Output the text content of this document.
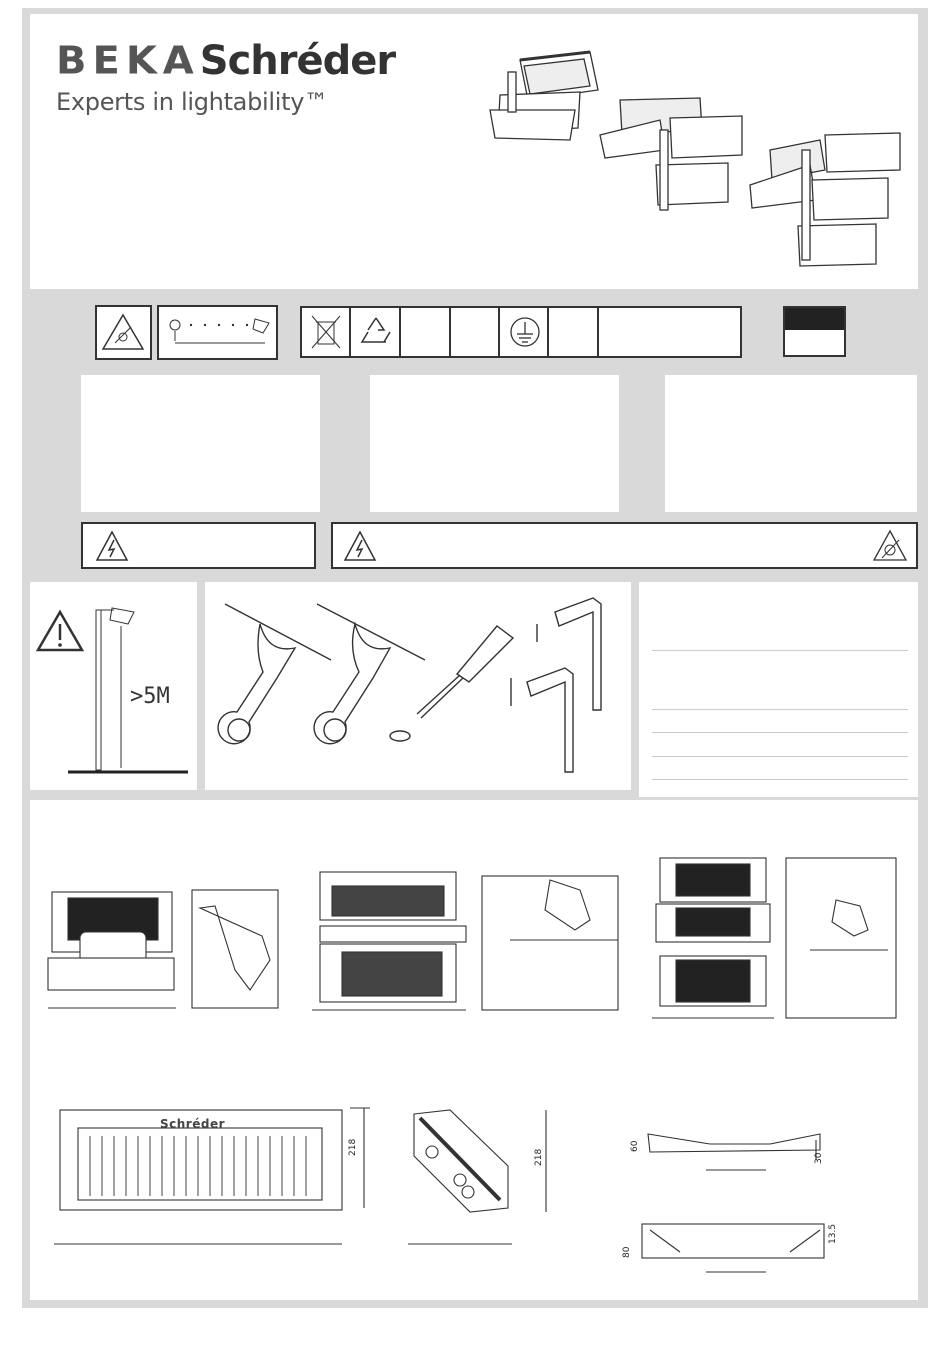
BEKASchréder
Experts in lightability™
>5M
Schréder
218
218
60
30
80
13.5
